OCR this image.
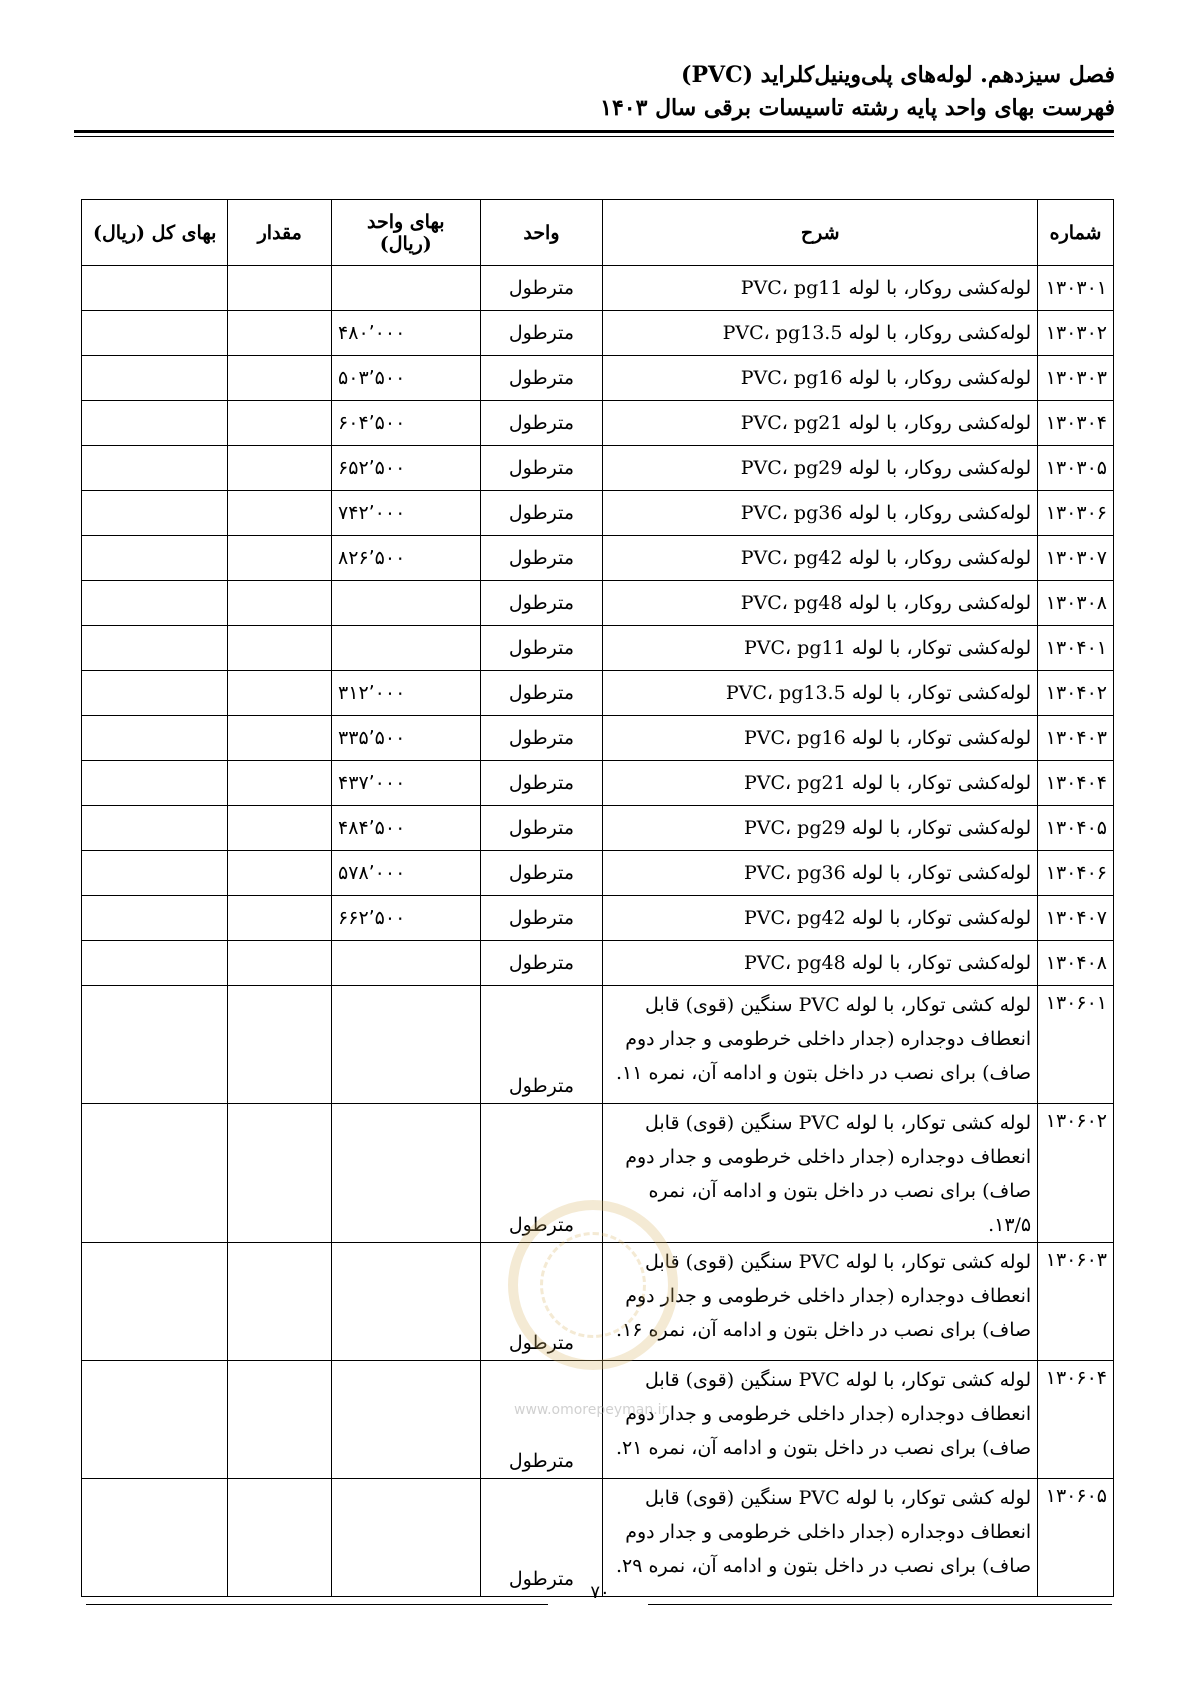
فصل سیزدهم. لوله‌های پلی‌وینیل‌کلراید (PVC)
فهرست بهای واحد پایه رشته تاسیسات برقی سال ۱۴۰۳
شماره	شرح	واحد	بهای واحد (ریال)	مقدار	بهای کل (ریال)
۱۳۰۳۰۱	لوله‌کشی روکار، با لوله PVC، pg11	مترطول			
۱۳۰۳۰۲	لوله‌کشی روکار، با لوله PVC، pg13.5	مترطول	۴۸۰٬۰۰۰		
۱۳۰۳۰۳	لوله‌کشی روکار، با لوله PVC، pg16	مترطول	۵۰۳٬۵۰۰		
۱۳۰۳۰۴	لوله‌کشی روکار، با لوله PVC، pg21	مترطول	۶۰۴٬۵۰۰		
۱۳۰۳۰۵	لوله‌کشی روکار، با لوله PVC، pg29	مترطول	۶۵۲٬۵۰۰		
۱۳۰۳۰۶	لوله‌کشی روکار، با لوله PVC، pg36	مترطول	۷۴۲٬۰۰۰		
۱۳۰۳۰۷	لوله‌کشی روکار، با لوله PVC، pg42	مترطول	۸۲۶٬۵۰۰		
۱۳۰۳۰۸	لوله‌کشی روکار، با لوله PVC، pg48	مترطول			
۱۳۰۴۰۱	لوله‌کشی توکار، با لوله PVC، pg11	مترطول			
۱۳۰۴۰۲	لوله‌کشی توکار، با لوله PVC، pg13.5	مترطول	۳۱۲٬۰۰۰		
۱۳۰۴۰۳	لوله‌کشی توکار، با لوله PVC، pg16	مترطول	۳۳۵٬۵۰۰		
۱۳۰۴۰۴	لوله‌کشی توکار، با لوله PVC، pg21	مترطول	۴۳۷٬۰۰۰		
۱۳۰۴۰۵	لوله‌کشی توکار، با لوله PVC، pg29	مترطول	۴۸۴٬۵۰۰		
۱۳۰۴۰۶	لوله‌کشی توکار، با لوله PVC، pg36	مترطول	۵۷۸٬۰۰۰		
۱۳۰۴۰۷	لوله‌کشی توکار، با لوله PVC، pg42	مترطول	۶۶۲٬۵۰۰		
۱۳۰۴۰۸	لوله‌کشی توکار، با لوله PVC، pg48	مترطول			
۱۳۰۶۰۱	لوله کشی توکار، با لوله PVC سنگین (قوی) قابل انعطاف دوجداره (جدار داخلی خرطومی و جدار دوم صاف) برای نصب در داخل بتون و ادامه آن، نمره ۱۱.	مترطول			
۱۳۰۶۰۲	لوله کشی توکار، با لوله PVC سنگین (قوی) قابل انعطاف دوجداره (جدار داخلی خرطومی و جدار دوم صاف) برای نصب در داخل بتون و ادامه آن، نمره ۱۳/۵.	مترطول			
۱۳۰۶۰۳	لوله کشی توکار، با لوله PVC سنگین (قوی) قابل انعطاف دوجداره (جدار داخلی خرطومی و جدار دوم صاف) برای نصب در داخل بتون و ادامه آن، نمره ۱۶.	مترطول			
۱۳۰۶۰۴	لوله کشی توکار، با لوله PVC سنگین (قوی) قابل انعطاف دوجداره (جدار داخلی خرطومی و جدار دوم صاف) برای نصب در داخل بتون و ادامه آن، نمره ۲۱.	مترطول			
۱۳۰۶۰۵	لوله کشی توکار، با لوله PVC سنگین (قوی) قابل انعطاف دوجداره (جدار داخلی خرطومی و جدار دوم صاف) برای نصب در داخل بتون و ادامه آن، نمره ۲۹.	مترطول			
www.omorepeyman.ir
۷۰
